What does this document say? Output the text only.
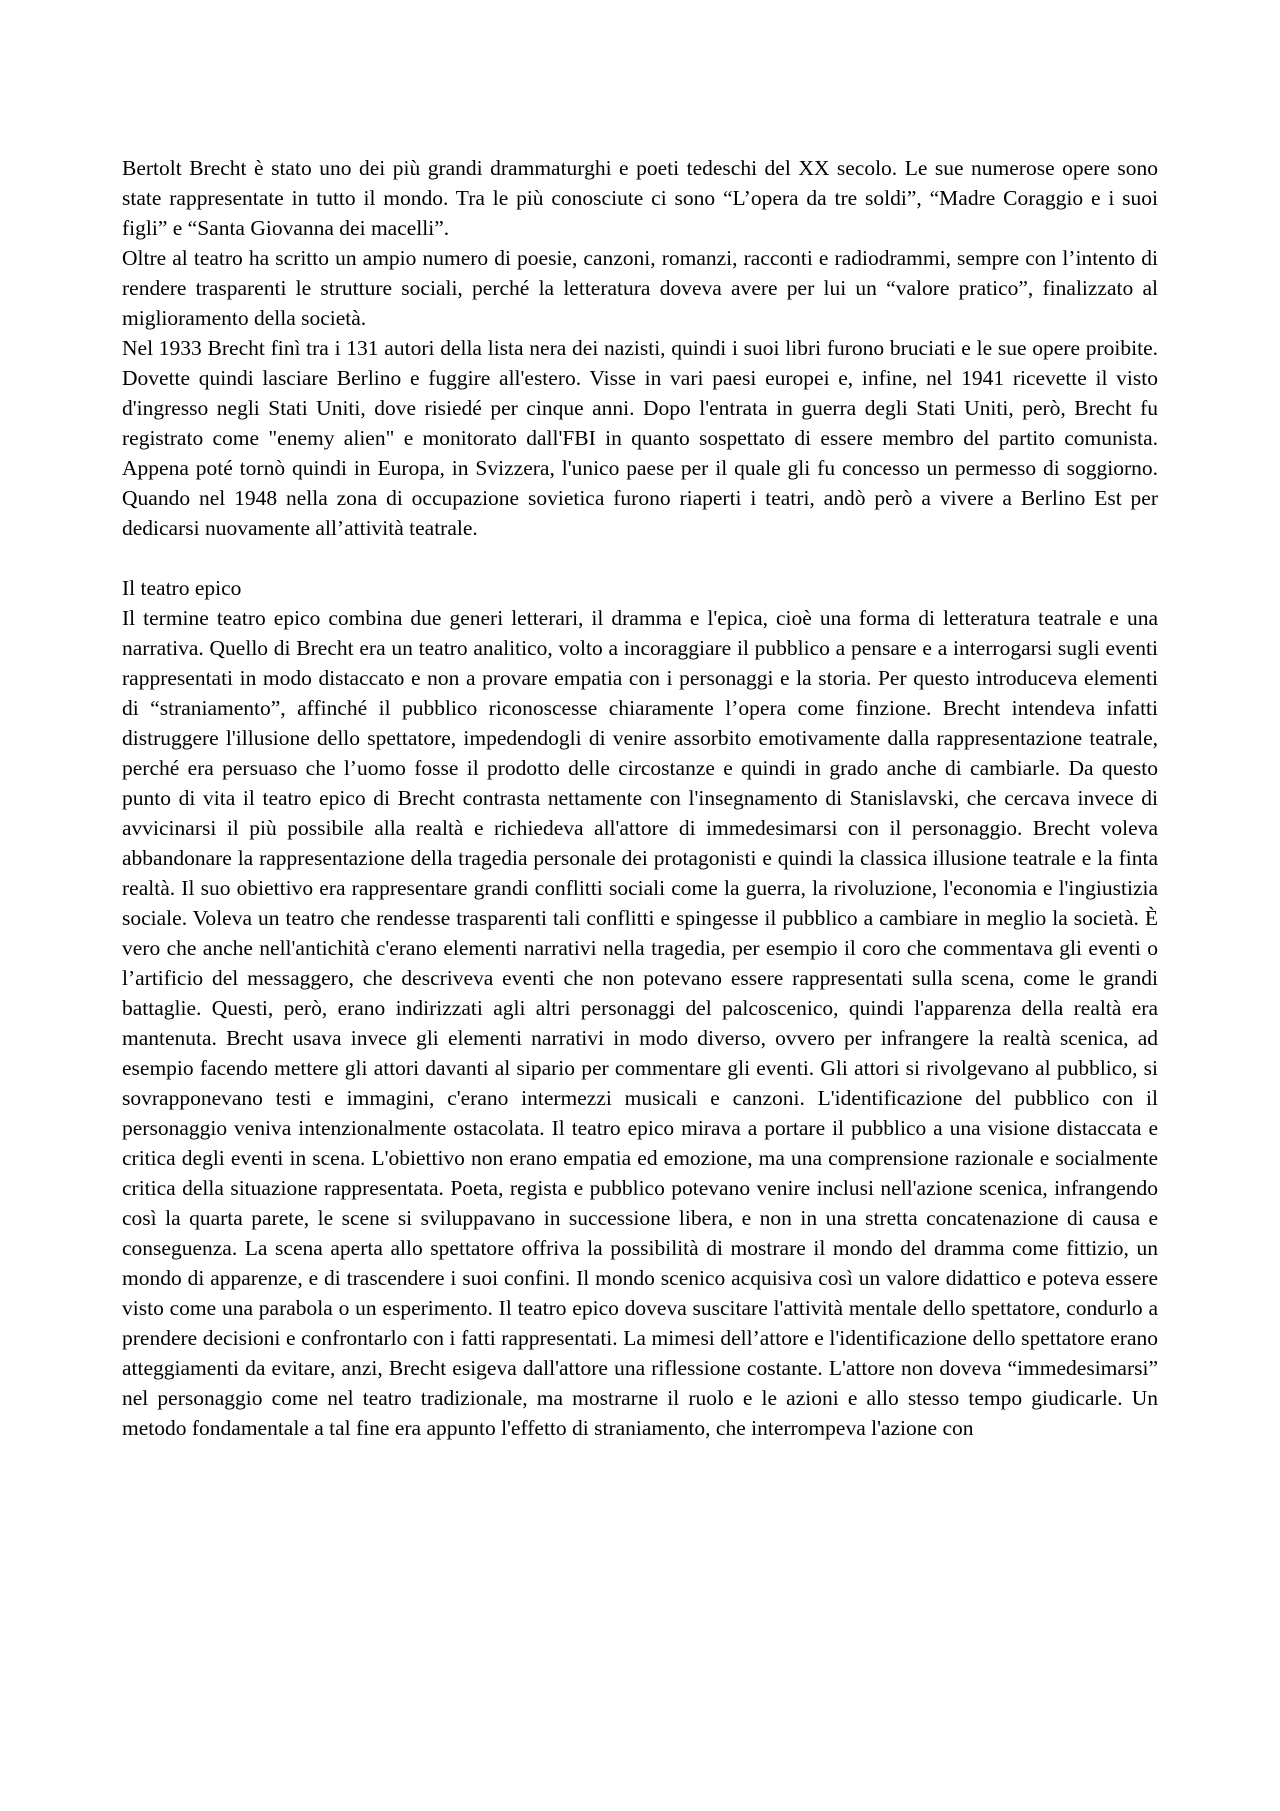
Bertolt Brecht è stato uno dei più grandi drammaturghi e poeti tedeschi del XX secolo. Le sue numerose opere sono state rappresentate in tutto il mondo. Tra le più conosciute ci sono “L’opera da tre soldi”, “Madre Coraggio e i suoi figli” e “Santa Giovanna dei macelli”.

Oltre al teatro ha scritto un ampio numero di poesie, canzoni, romanzi, racconti e radiodrammi, sempre con l’intento di rendere trasparenti le strutture sociali, perché la letteratura doveva avere per lui un “valore pratico”, finalizzato al miglioramento della società.

Nel 1933 Brecht finì tra i 131 autori della lista nera dei nazisti, quindi i suoi libri furono bruciati e le sue opere proibite. Dovette quindi lasciare Berlino e fuggire all'estero. Visse in vari paesi europei e, infine, nel 1941 ricevette il visto d'ingresso negli Stati Uniti, dove risiedé per cinque anni. Dopo l'entrata in guerra degli Stati Uniti, però, Brecht fu registrato come "enemy alien" e monitorato dall'FBI in quanto sospettato di essere membro del partito comunista. Appena poté tornò quindi in Europa, in Svizzera, l'unico paese per il quale gli fu concesso un permesso di soggiorno. Quando nel 1948 nella zona di occupazione sovietica furono riaperti i teatri, andò però a vivere a Berlino Est per dedicarsi nuovamente all’attività teatrale.

Il teatro epico

Il termine teatro epico combina due generi letterari, il dramma e l'epica, cioè una forma di letteratura teatrale e una narrativa. Quello di Brecht era un teatro analitico, volto a incoraggiare il pubblico a pensare e a interrogarsi sugli eventi rappresentati in modo distaccato e non a provare empatia con i personaggi e la storia. Per questo introduceva elementi di “straniamento”, affinché il pubblico riconoscesse chiaramente l’opera come finzione. Brecht intendeva infatti distruggere l'illusione dello spettatore, impedendogli di venire assorbito emotivamente dalla rappresentazione teatrale, perché era persuaso che l’uomo fosse il prodotto delle circostanze e quindi in grado anche di cambiarle. Da questo punto di vita il teatro epico di Brecht contrasta nettamente con l'insegnamento di Stanislavski, che cercava invece di avvicinarsi il più possibile alla realtà e richiedeva all'attore di immedesimarsi con il personaggio. Brecht voleva abbandonare la rappresentazione della tragedia personale dei protagonisti e quindi la classica illusione teatrale e la finta realtà. Il suo obiettivo era rappresentare grandi conflitti sociali come la guerra, la rivoluzione, l'economia e l'ingiustizia sociale. Voleva un teatro che rendesse trasparenti tali conflitti e spingesse il pubblico a cambiare in meglio la società. È vero che anche nell'antichità c'erano elementi narrativi nella tragedia, per esempio il coro che commentava gli eventi o l’artificio del messaggero, che descriveva eventi che non potevano essere rappresentati sulla scena, come le grandi battaglie. Questi, però, erano indirizzati agli altri personaggi del palcoscenico, quindi l'apparenza della realtà era mantenuta. Brecht usava invece gli elementi narrativi in modo diverso, ovvero per infrangere la realtà scenica, ad esempio facendo mettere gli attori davanti al sipario per commentare gli eventi. Gli attori si rivolgevano al pubblico, si sovrapponevano testi e immagini, c'erano intermezzi musicali e canzoni. L'identificazione del pubblico con il personaggio veniva intenzionalmente ostacolata. Il teatro epico mirava a portare il pubblico a una visione distaccata e critica degli eventi in scena. L'obiettivo non erano empatia ed emozione, ma una comprensione razionale e socialmente critica della situazione rappresentata. Poeta, regista e pubblico potevano venire inclusi nell'azione scenica, infrangendo così la quarta parete, le scene si sviluppavano in successione libera, e non in una stretta concatenazione di causa e conseguenza. La scena aperta allo spettatore offriva la possibilità di mostrare il mondo del dramma come fittizio, un mondo di apparenze, e di trascendere i suoi confini. Il mondo scenico acquisiva così un valore didattico e poteva essere visto come una parabola o un esperimento. Il teatro epico doveva suscitare l'attività mentale dello spettatore, condurlo a prendere decisioni e confrontarlo con i fatti rappresentati. La mimesi dell’attore e l'identificazione dello spettatore erano atteggiamenti da evitare, anzi, Brecht esigeva dall'attore una riflessione costante. L'attore non doveva “immedesimarsi” nel personaggio come nel teatro tradizionale, ma mostrarne il ruolo e le azioni e allo stesso tempo giudicarle. Un metodo fondamentale a tal fine era appunto l'effetto di straniamento, che interrompeva l'azione con
